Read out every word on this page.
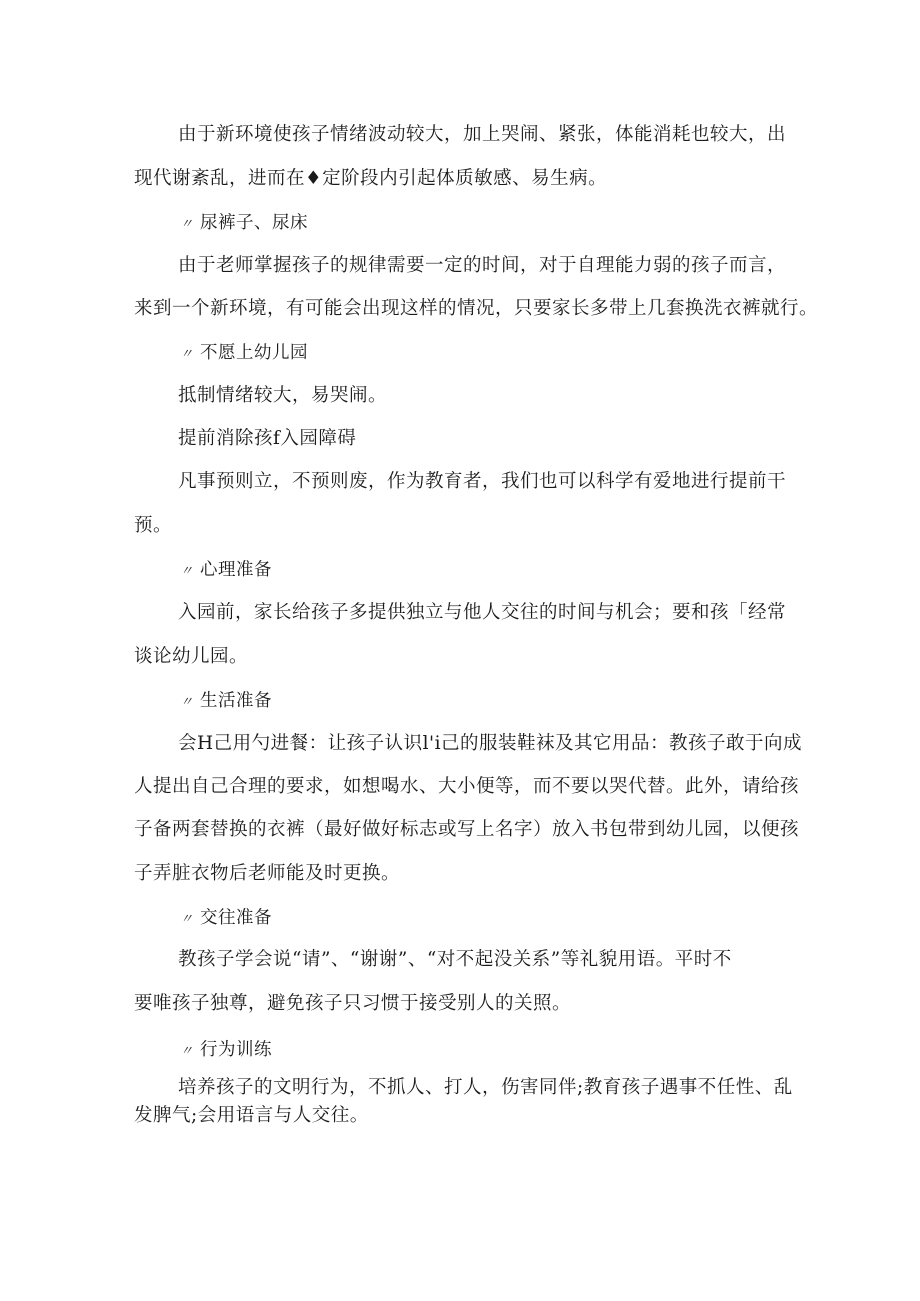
由于新环境使孩子情绪波动较大，加上哭闹、紧张，体能消耗也较大，出
现代谢紊乱，进而在♦定阶段内引起体质敏感、易生病。
〃 尿裤子、尿床
由于老师掌握孩子的规律需要一定的时间，对于自理能力弱的孩子而言，
来到一个新环境，有可能会出现这样的情况，只要家长多带上几套换洗衣裤就行。
〃 不愿上幼儿园
抵制情绪较大，易哭闹。
提前消除孩f入园障碍
凡事预则立，不预则废，作为教育者，我们也可以科学有爱地进行提前干
预。
〃 心理准备
入园前，家长给孩子多提供独立与他人交往的时间与机会；要和孩「经常
谈论幼儿园。
〃 生活准备
会H己用勺进餐：让孩子认识l'i己的服装鞋袜及其它用品：教孩子敢于向成
人提出自己合理的要求，如想喝水、大小便等，而不要以哭代替。此外，请给孩
子备两套替换的衣裤（最好做好标志或写上名字）放入书包带到幼儿园，以便孩
子弄脏衣物后老师能及时更换。
〃 交往准备
教孩子学会说“请”、“谢谢”、“对不起没关系”等礼貌用语。平时不
要唯孩子独尊，避免孩子只习惯于接受别人的关照。
〃 行为训练
培养孩子的文明行为，不抓人、打人，伤害同伴;教育孩子遇事不任性、乱
发脾气;会用语言与人交往。
